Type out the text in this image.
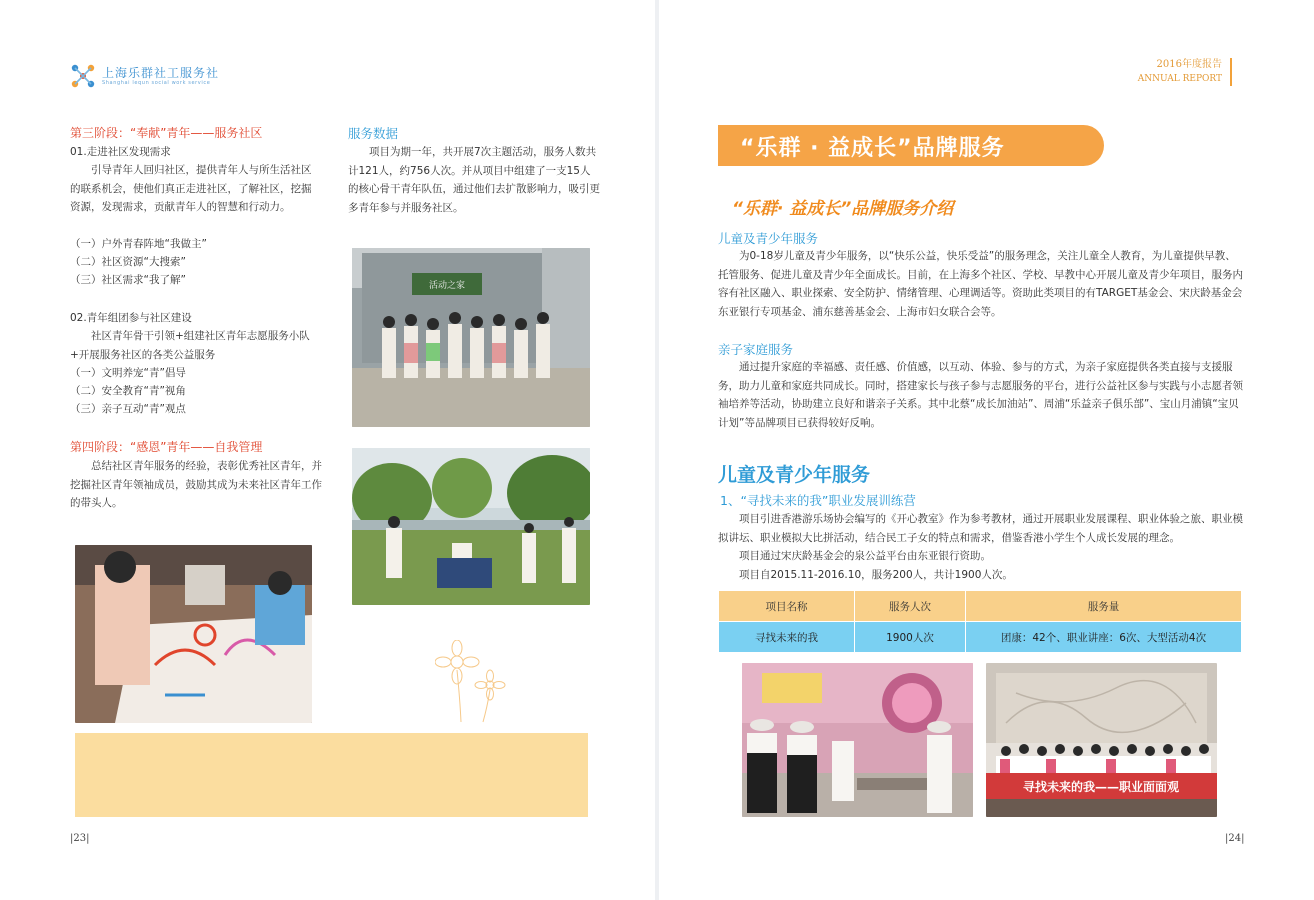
上海乐群社工服务社
Shanghai lequn social work service
2016年度报告
ANNUAL REPORT
第三阶段：“奉献”青年——服务社区
01.走进社区发现需求
引导青年人回归社区，提供青年人与所生活社区的联系机会，使他们真正走进社区，了解社区，挖掘资源，发现需求，贡献青年人的智慧和行动力。
（一）户外青春阵地“我做主”
（二）社区资源“大搜索”
（三）社区需求“我了解”
02.青年组团参与社区建设
社区青年骨干引领+组建社区青年志愿服务小队+开展服务社区的各类公益服务
（一）文明养宠“青”倡导
（二）安全教育“青”视角
（三）亲子互动“青”观点
第四阶段：“感恩”青年——自我管理
总结社区青年服务的经验，表彰优秀社区青年，并挖掘社区青年领袖成员，鼓励其成为未来社区青年工作的带头人。
服务数据
项目为期一年，共开展7次主题活动，服务人数共计121人，约756人次。并从项目中组建了一支15人的核心骨干青年队伍，通过他们去扩散影响力，吸引更多青年参与并服务社区。
活动之家
|23|
“乐群 · 益成长”品牌服务
“乐群· 益成长”品牌服务介绍
儿童及青少年服务
为0-18岁儿童及青少年服务，以“快乐公益，快乐受益”的服务理念，关注儿童全人教育，为儿童提供早教、托管服务、促进儿童及青少年全面成长。目前，在上海多个社区、学校、早教中心开展儿童及青少年项目，服务内容有社区融入、职业探索、安全防护、情绪管理、心理调适等。资助此类项目的有TARGET基金会、宋庆龄基金会东亚银行专项基金、浦东慈善基金会、上海市妇女联合会等。
亲子家庭服务
通过提升家庭的幸福感、责任感、价值感，以互动、体验、参与的方式，为亲子家庭提供各类直接与支援服务，助力儿童和家庭共同成长。同时，搭建家长与孩子参与志愿服务的平台，进行公益社区参与实践与小志愿者领袖培养等活动，协助建立良好和谐亲子关系。其中北蔡“成长加油站”、周浦“乐益亲子俱乐部”、宝山月浦镇“宝贝计划”等品牌项目已获得较好反响。
儿童及青少年服务
1、“寻找未来的我”职业发展训练营
项目引进香港游乐场协会编写的《开心教室》作为参考教材，通过开展职业发展课程、职业体验之旅、职业模拟讲坛、职业模拟大比拼活动，结合民工子女的特点和需求，借鉴香港小学生个人成长发展的理念。
项目通过宋庆龄基金会的泉公益平台由东亚银行资助。
项目自2015.11-2016.10，服务200人，共计1900人次。
项目名称	服务人次	服务量
寻找未来的我	1900人次	团康：42个、职业讲座：6次、大型活动4次
寻找未来的我——职业面面观
|24|
